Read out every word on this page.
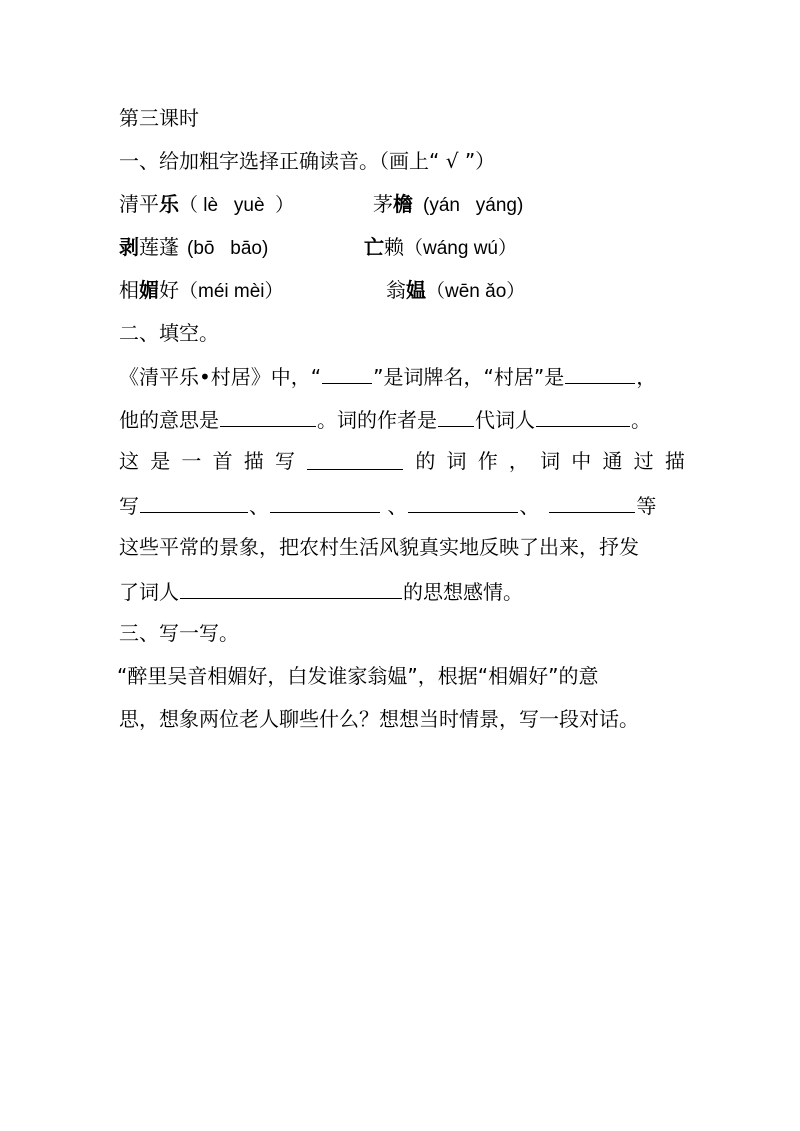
第三课时
一、给加粗字选择正确读音。（画上“ √ ”）
清平乐（ lè   yuè  ）	茅檐 (yán   yáng)
剥莲蓬 (bō   bāo)	亡赖（wáng wú）
相媚好（méi mèi）	翁媪（wēn ǎo）
二、填空。
《清平乐•村居》中，“	”是词牌名，“村居”是	，
他的意思是	。词的作者是 代词人	。
这 是 一 首 描 写	的 词 作 ， 词 中 通 过 描
写	、	、	、	等
这些平常的景象，把农村生活风貌真实地反映了出来，抒发
了词人	的思想感情。
三、写一写。
“醉里吴音相媚好，白发谁家翁媪”，根据“相媚好”的意
思，想象两位老人聊些什么？想想当时情景，写一段对话。
